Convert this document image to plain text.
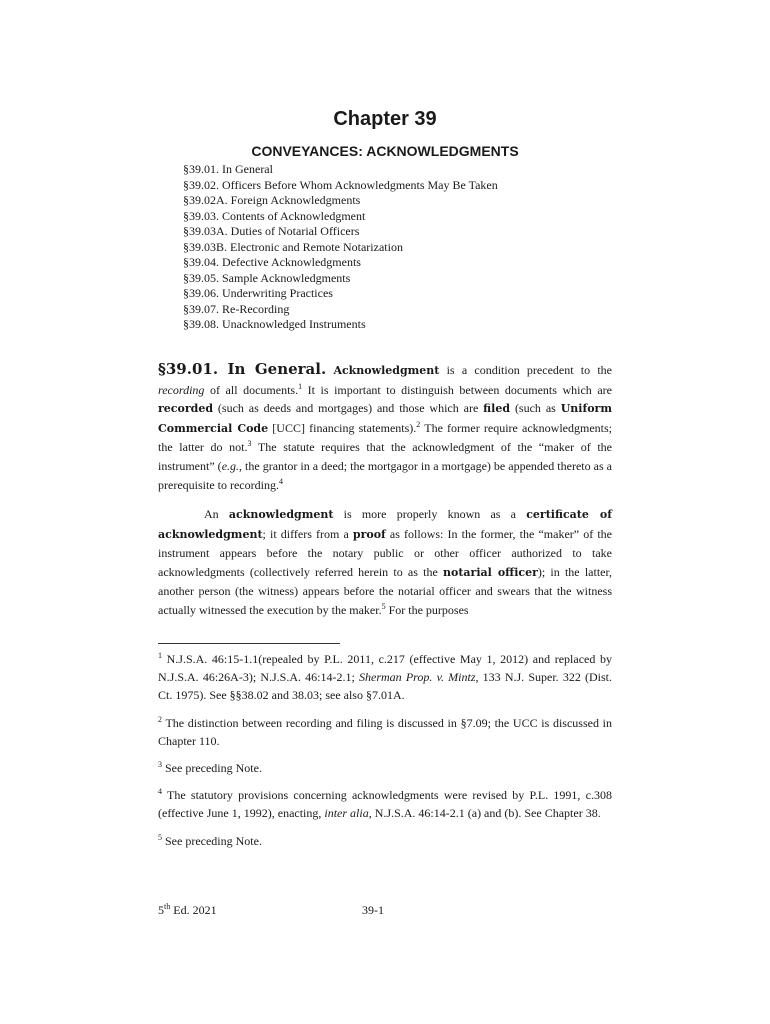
Chapter 39
CONVEYANCES: ACKNOWLEDGMENTS
§39.01. In General
§39.02. Officers Before Whom Acknowledgments May Be Taken
§39.02A. Foreign Acknowledgments
§39.03. Contents of Acknowledgment
§39.03A. Duties of Notarial Officers
§39.03B. Electronic and Remote Notarization
§39.04. Defective Acknowledgments
§39.05. Sample Acknowledgments
§39.06. Underwriting Practices
§39.07. Re-Recording
§39.08. Unacknowledged Instruments

§39.01. In General. Acknowledgment is a condition precedent to the recording of all documents.$^1$ It is important to distinguish between documents which are recorded (such as deeds and mortgages) and those which are filed (such as Uniform Commercial Code [UCC] financing statements).$^2$ The former require acknowledgments; the latter do not.$^3$ The statute requires that the acknowledgment of the “maker of the instrument” (e.g., the grantor in a deed; the mortgagor in a mortgage) be appended thereto as a prerequisite to recording.$^4$

An acknowledgment is more properly known as a certificate of acknowledgment; it differs from a proof as follows: In the former, the “maker” of the instrument appears before the notary public or other officer authorized to take acknowledgments (collectively referred herein to as the notarial officer); in the latter, another person (the witness) appears before the notarial officer and swears that the witness actually witnessed the execution by the maker.$^5$ For the purposes

$^1$ N.J.S.A. 46:15-1.1(repealed by P.L. 2011, c.217 (effective May 1, 2012) and replaced by N.J.S.A. 46:26A-3); N.J.S.A. 46:14-2.1; Sherman Prop. v. Mintz, 133 N.J. Super. 322 (Dist. Ct. 1975). See §§38.02 and 38.03; see also §7.01A.

$^2$ The distinction between recording and filing is discussed in §7.09; the UCC is discussed in Chapter 110.

$^3$ See preceding Note.

$^4$ The statutory provisions concerning acknowledgments were revised by P.L. 1991, c.308 (effective June 1, 1992), enacting, inter alia, N.J.S.A. 46:14-2.1 (a) and (b). See Chapter 38.

$^5$ See preceding Note.

5th Ed. 2021	39-1
